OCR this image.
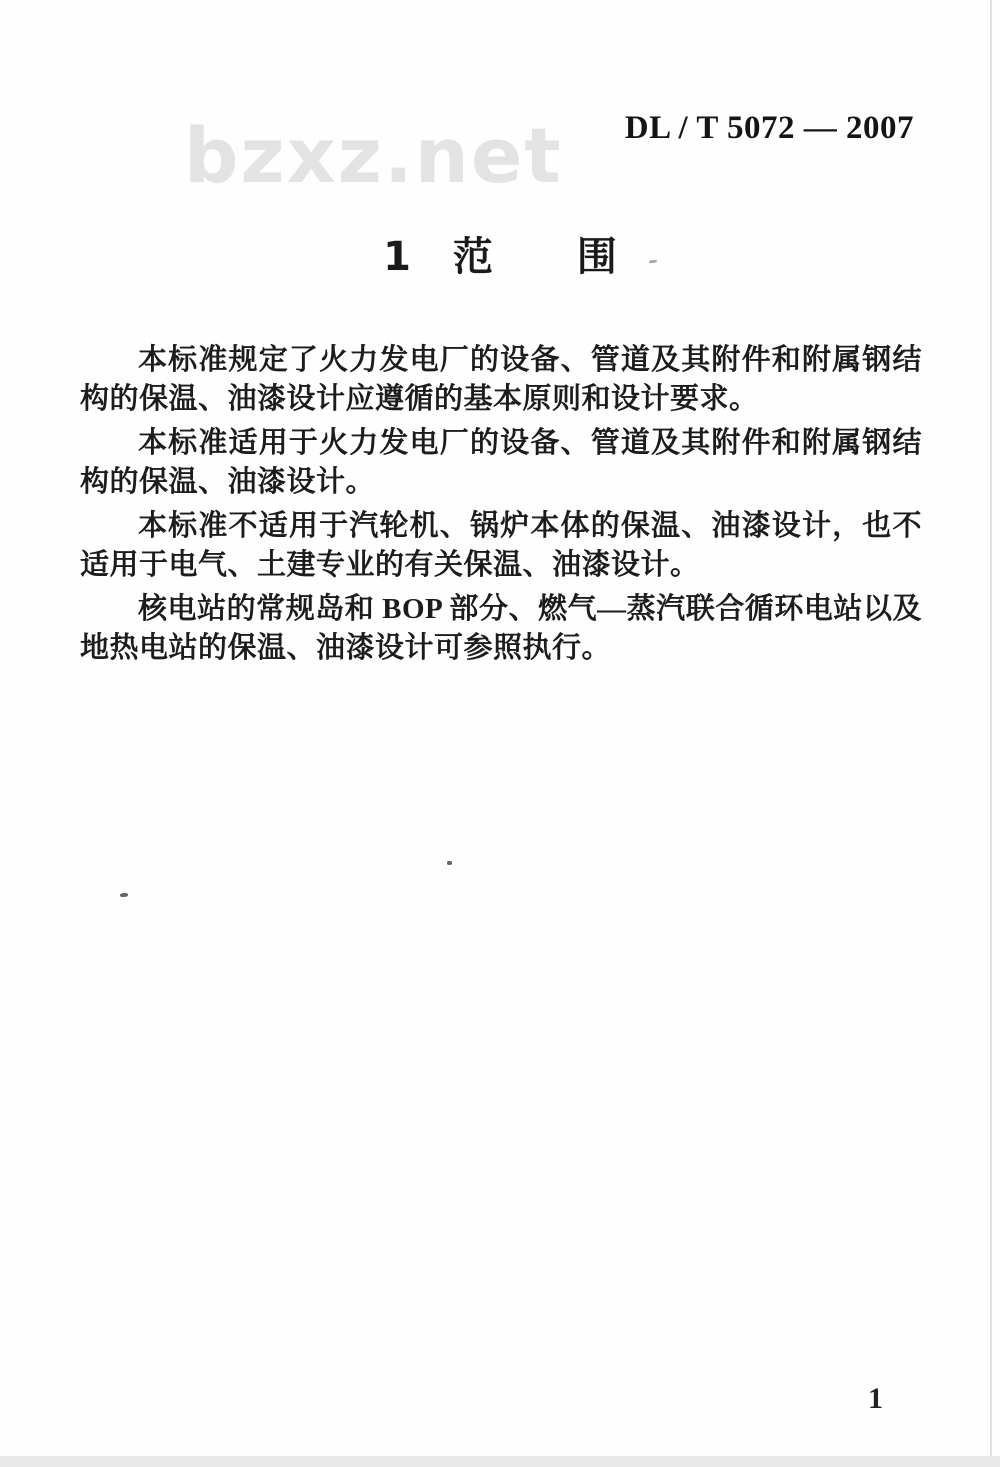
bzxz.net DL / T 5072 — 2007
1 范 围

本标准规定了火力发电厂的设备、管道及其附件和附属钢结构的保温、油漆设计应遵循的基本原则和设计要求。

本标准适用于火力发电厂的设备、管道及其附件和附属钢结构的保温、油漆设计。

本标准不适用于汽轮机、锅炉本体的保温、油漆设计，也不适用于电气、土建专业的有关保温、油漆设计。

核电站的常规岛和 BOP 部分、燃气—蒸汽联合循环电站以及地热电站的保温、油漆设计可参照执行。

1
